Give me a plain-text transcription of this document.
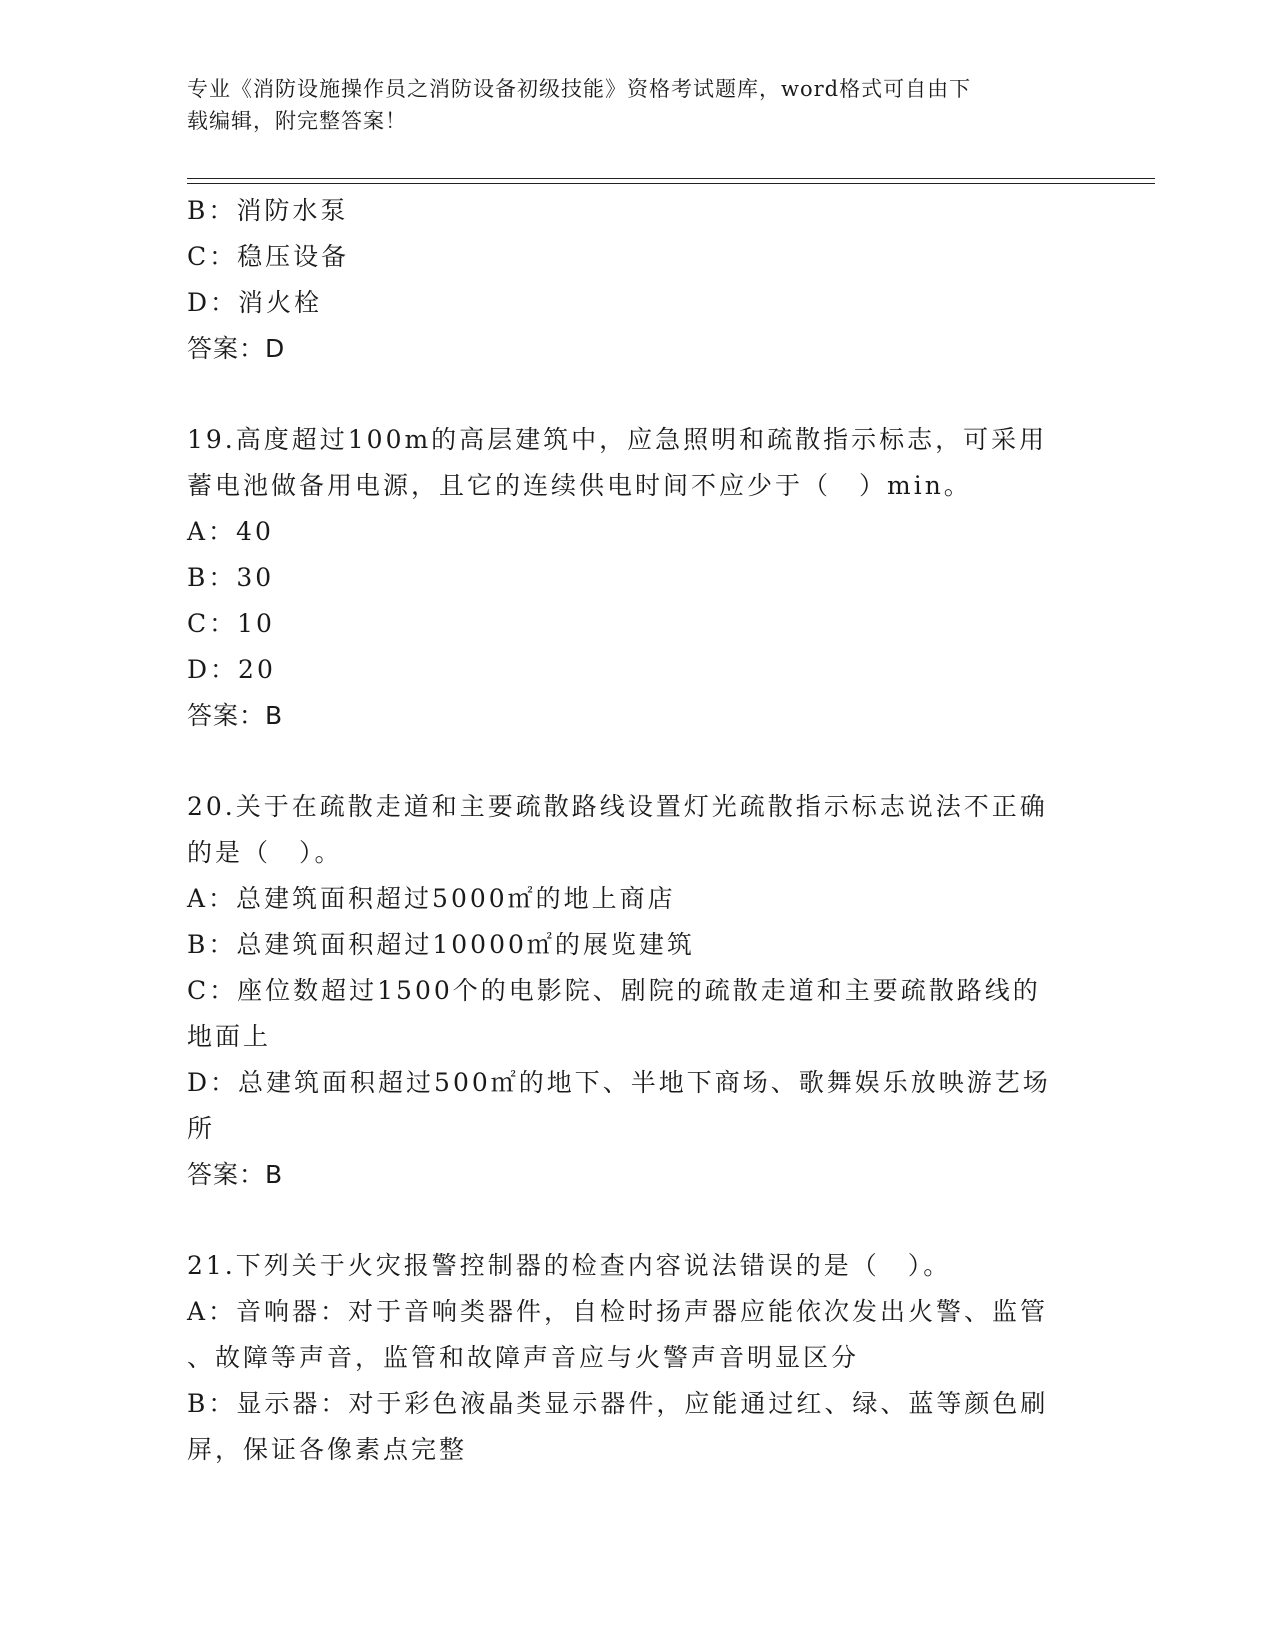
专业《消防设施操作员之消防设备初级技能》资格考试题库，word格式可自由下
载编辑，附完整答案！
B：消防水泵
C：稳压设备
D：消火栓
答案：D
19.高度超过100m的高层建筑中，应急照明和疏散指示标志，可采用
蓄电池做备用电源，且它的连续供电时间不应少于（　）min。
A：40
B：30
C：10
D：20
答案：B
20.关于在疏散走道和主要疏散路线设置灯光疏散指示标志说法不正确
的是（　）。
A：总建筑面积超过5000㎡的地上商店
B：总建筑面积超过10000㎡的展览建筑
C：座位数超过1500个的电影院、剧院的疏散走道和主要疏散路线的
地面上
D：总建筑面积超过500㎡的地下、半地下商场、歌舞娱乐放映游艺场
所
答案：B
21.下列关于火灾报警控制器的检查内容说法错误的是（　）。
A：音响器：对于音响类器件，自检时扬声器应能依次发出火警、监管
、故障等声音，监管和故障声音应与火警声音明显区分
B：显示器：对于彩色液晶类显示器件，应能通过红、绿、蓝等颜色刷
屏，保证各像素点完整
